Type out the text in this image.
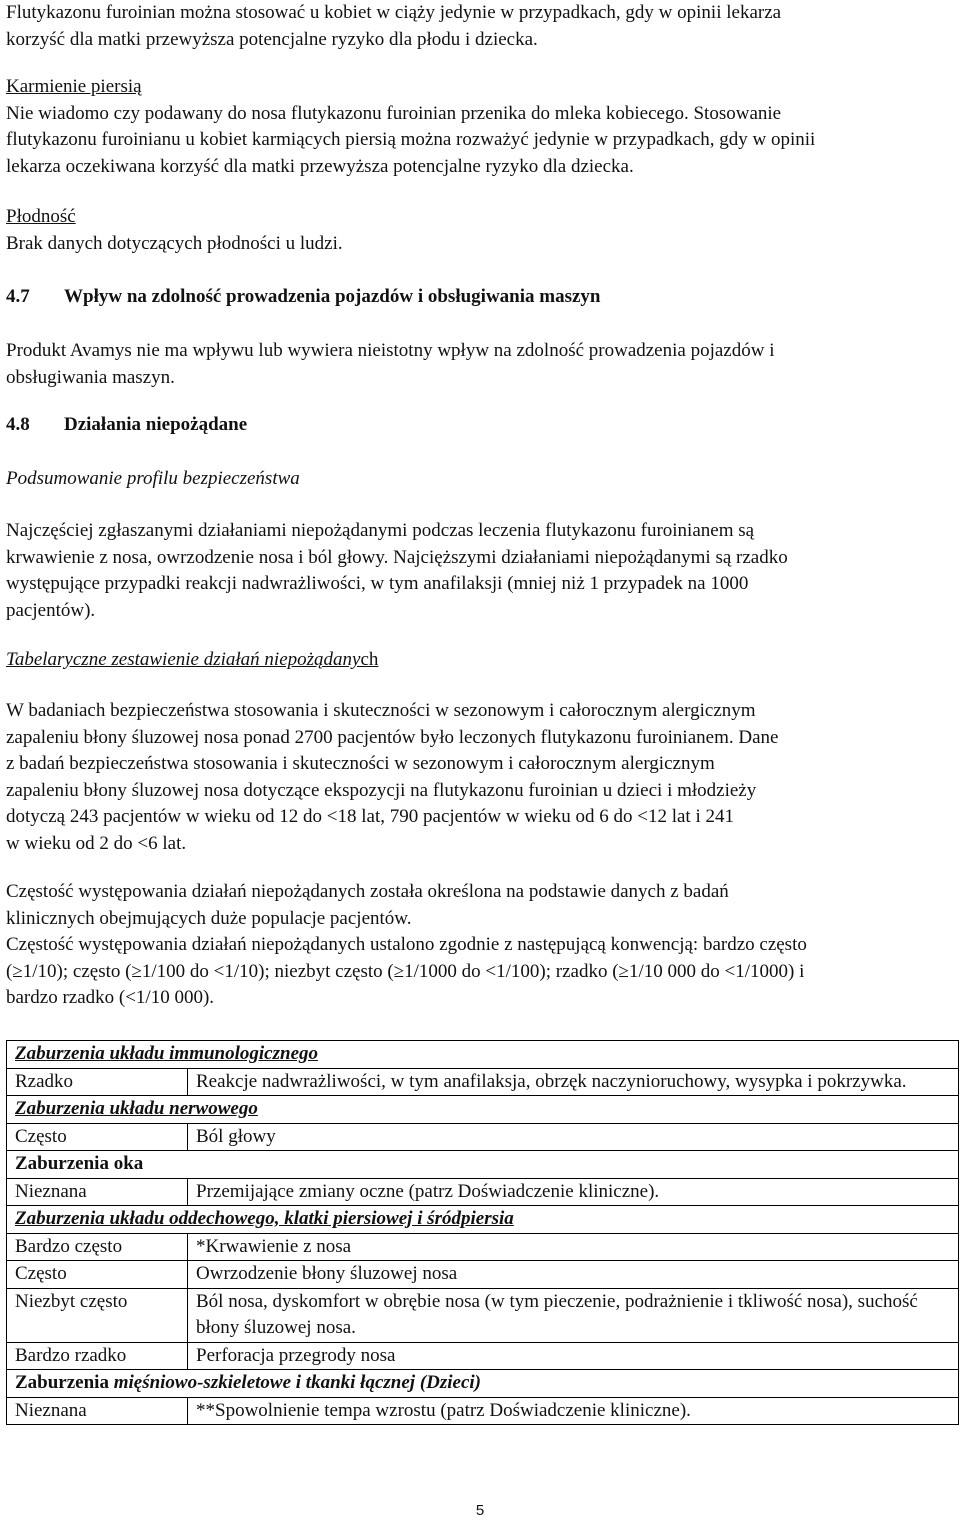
Flutykazonu furoinian można stosować u kobiet w ciąży jedynie w przypadkach, gdy w opinii lekarza
korzyść dla matki przewyższa potencjalne ryzyko dla płodu i dziecka.

Karmienie piersią
Nie wiadomo czy podawany do nosa flutykazonu furoinian przenika do mleka kobiecego. Stosowanie
flutykazonu furoinianu u kobiet karmiących piersią można rozważyć jedynie w przypadkach, gdy w opinii
lekarza oczekiwana korzyść dla matki przewyższa potencjalne ryzyko dla dziecka.

Płodność
Brak danych dotyczących płodności u ludzi.

4.7	Wpływ na zdolność prowadzenia pojazdów i obsługiwania maszyn

Produkt Avamys nie ma wpływu lub wywiera nieistotny wpływ na zdolność prowadzenia pojazdów i
obsługiwania maszyn.

4.8	Działania niepożądane

Podsumowanie profilu bezpieczeństwa

Najczęściej zgłaszanymi działaniami niepożądanymi podczas leczenia flutykazonu furoinianem są
krwawienie z nosa, owrzodzenie nosa i ból głowy. Najcięższymi działaniami niepożądanymi są rzadko
występujące przypadki reakcji nadwrażliwości, w tym anafilaksji (mniej niż 1 przypadek na 1000
pacjentów).

Tabelaryczne zestawienie działań niepożądanych

W badaniach bezpieczeństwa stosowania i skuteczności w sezonowym i całorocznym alergicznym
zapaleniu błony śluzowej nosa ponad 2700 pacjentów było leczonych flutykazonu furoinianem. Dane
z badań bezpieczeństwa stosowania i skuteczności w sezonowym i całorocznym alergicznym
zapaleniu błony śluzowej nosa dotyczące ekspozycji na flutykazonu furoinian u dzieci i młodzieży
dotyczą 243 pacjentów w wieku od 12 do <18 lat, 790 pacjentów w wieku od 6 do <12 lat i 241
w wieku od 2 do <6 lat.

Częstość występowania działań niepożądanych została określona na podstawie danych z badań
klinicznych obejmujących duże populacje pacjentów.
Częstość występowania działań niepożądanych ustalono zgodnie z następującą konwencją: bardzo często
(≥1/10); często (≥1/100 do <1/10); niezbyt często (≥1/1000 do <1/100); rzadko (≥1/10 000 do <1/1000) i
bardzo rzadko (<1/10 000).

Zaburzenia układu immunologicznego	
Rzadko	Reakcje nadwrażliwości, w tym anafilaksja, obrzęk naczynioruchowy, wysypka i pokrzywka.
Zaburzenia układu nerwowego	
Często	Ból głowy
Zaburzenia oka	
Nieznana	Przemijające zmiany oczne (patrz Doświadczenie kliniczne).
Zaburzenia układu oddechowego, klatki piersiowej i śródpiersia	
Bardzo często	*Krwawienie z nosa
Często	Owrzodzenie błony śluzowej nosa
Niezbyt często	Ból nosa, dyskomfort w obrębie nosa (w tym pieczenie, podrażnienie i tkliwość nosa), suchość błony śluzowej nosa.
Bardzo rzadko	Perforacja przegrody nosa
Zaburzenia mięśniowo-szkieletowe i tkanki łącznej (Dzieci)	
Nieznana	**Spowolnienie tempa wzrostu (patrz Doświadczenie kliniczne).
5
